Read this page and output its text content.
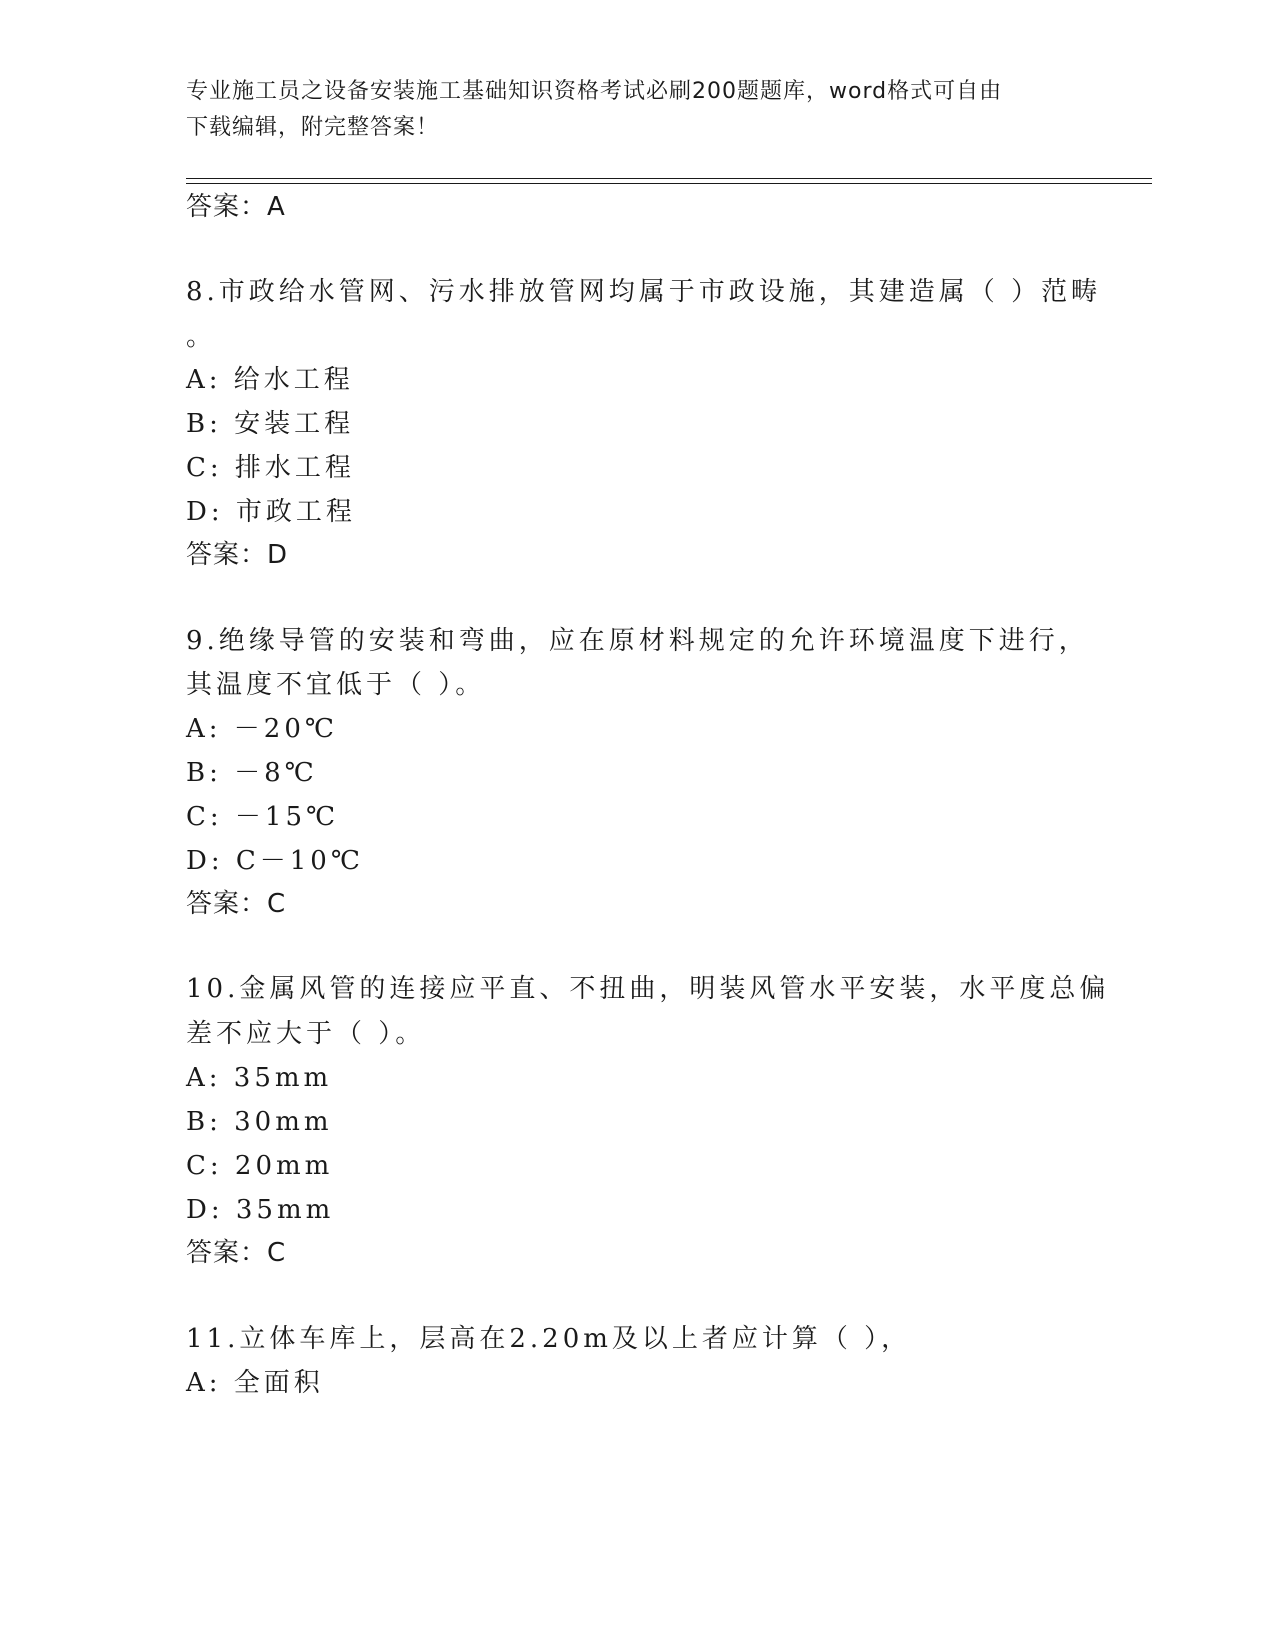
专业施工员之设备安装施工基础知识资格考试必刷200题题库，word格式可自由
下载编辑，附完整答案！
答案：A
8.市政给水管网、污水排放管网均属于市政设施，其建造属（ ）范畴
。
A: 给水工程
B: 安装工程
C: 排水工程
D: 市政工程
答案：D
9.绝缘导管的安装和弯曲，应在原材料规定的允许环境温度下进行，
其温度不宜低于（ ）。
A: －20℃
B: －8℃
C: －15℃
D: C－10℃
答案：C
10.金属风管的连接应平直、不扭曲，明装风管水平安装，水平度总偏
差不应大于（ ）。
A: 35mm
B: 30mm
C: 20mm
D: 35mm
答案：C
11.立体车库上，层高在2.20m及以上者应计算（ ），
A: 全面积
